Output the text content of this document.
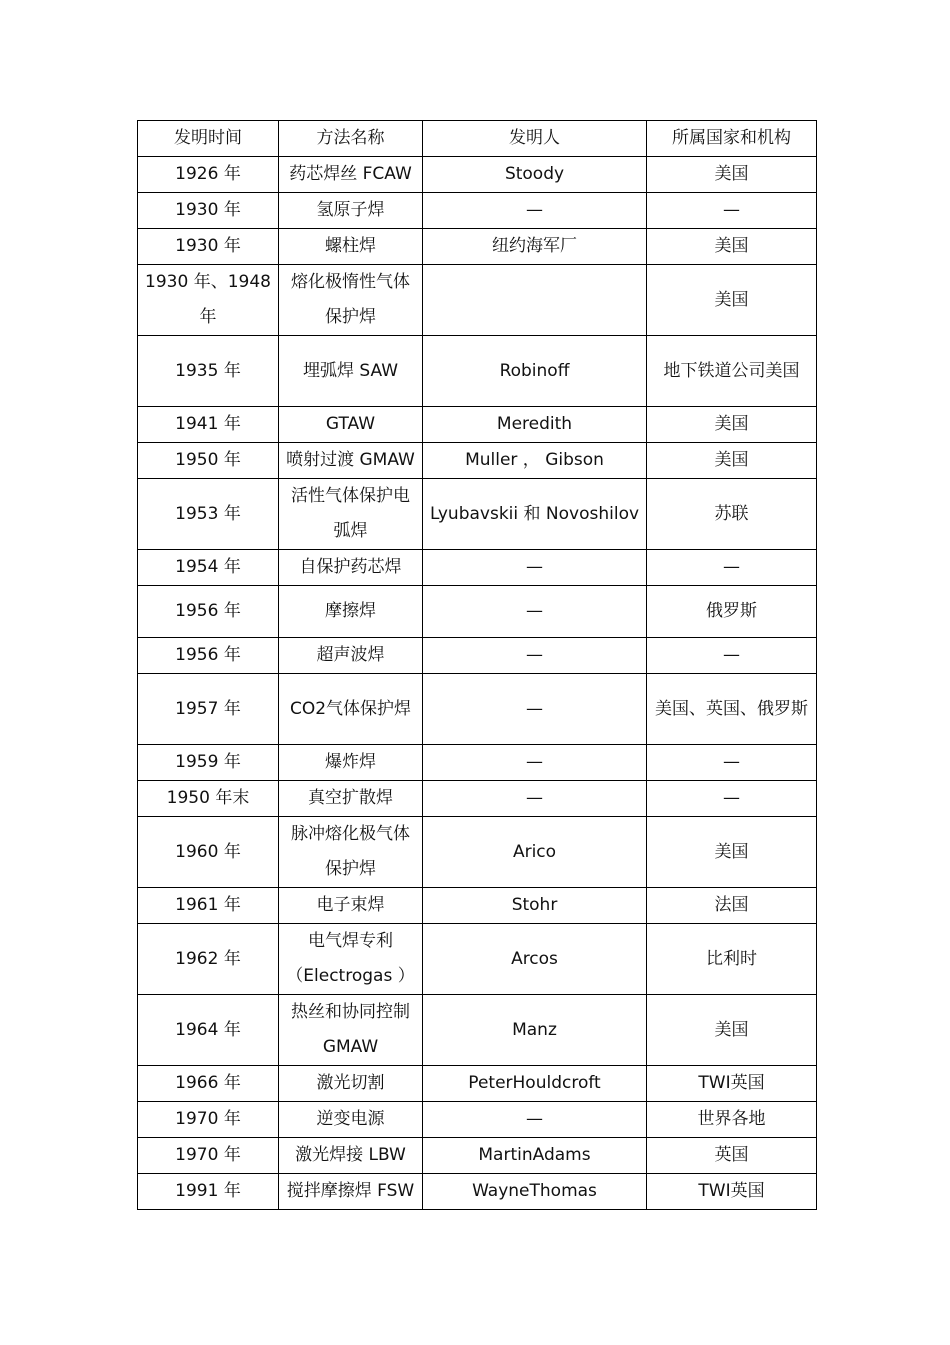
发明时间	方法名称	发明人	所属国家和机构
1926 年	药芯焊丝 FCAW	Stoody	美国
1930 年	氢原子焊	—	—
1930 年	螺柱焊	纽约海军厂	美国
1930 年、1948 年	熔化极惰性气体保护焊		美国
1935 年	埋弧焊 SAW	Robinoff	地下铁道公司美国
1941 年	GTAW	Meredith	美国
1950 年	喷射过渡 GMAW	Muller ， Gibson	美国
1953 年	活性气体保护电弧焊	Lyubavskii 和 Novoshilov	苏联
1954 年	自保护药芯焊	—	—
1956 年	摩擦焊	—	俄罗斯
1956 年	超声波焊	—	—
1957 年	CO2气体保护焊	—	美国、英国、俄罗斯
1959 年	爆炸焊	—	—
1950 年末	真空扩散焊	—	—
1960 年	脉冲熔化极气体保护焊	Arico	美国
1961 年	电子束焊	Stohr	法国
1962 年	电气焊专利（Electrogas ）	Arcos	比利时
1964 年	热丝和协同控制 GMAW	Manz	美国
1966 年	激光切割	PeterHouldcroft	TWI英国
1970 年	逆变电源	—	世界各地
1970 年	激光焊接 LBW	MartinAdams	英国
1991 年	搅拌摩擦焊 FSW	WayneThomas	TWI英国
